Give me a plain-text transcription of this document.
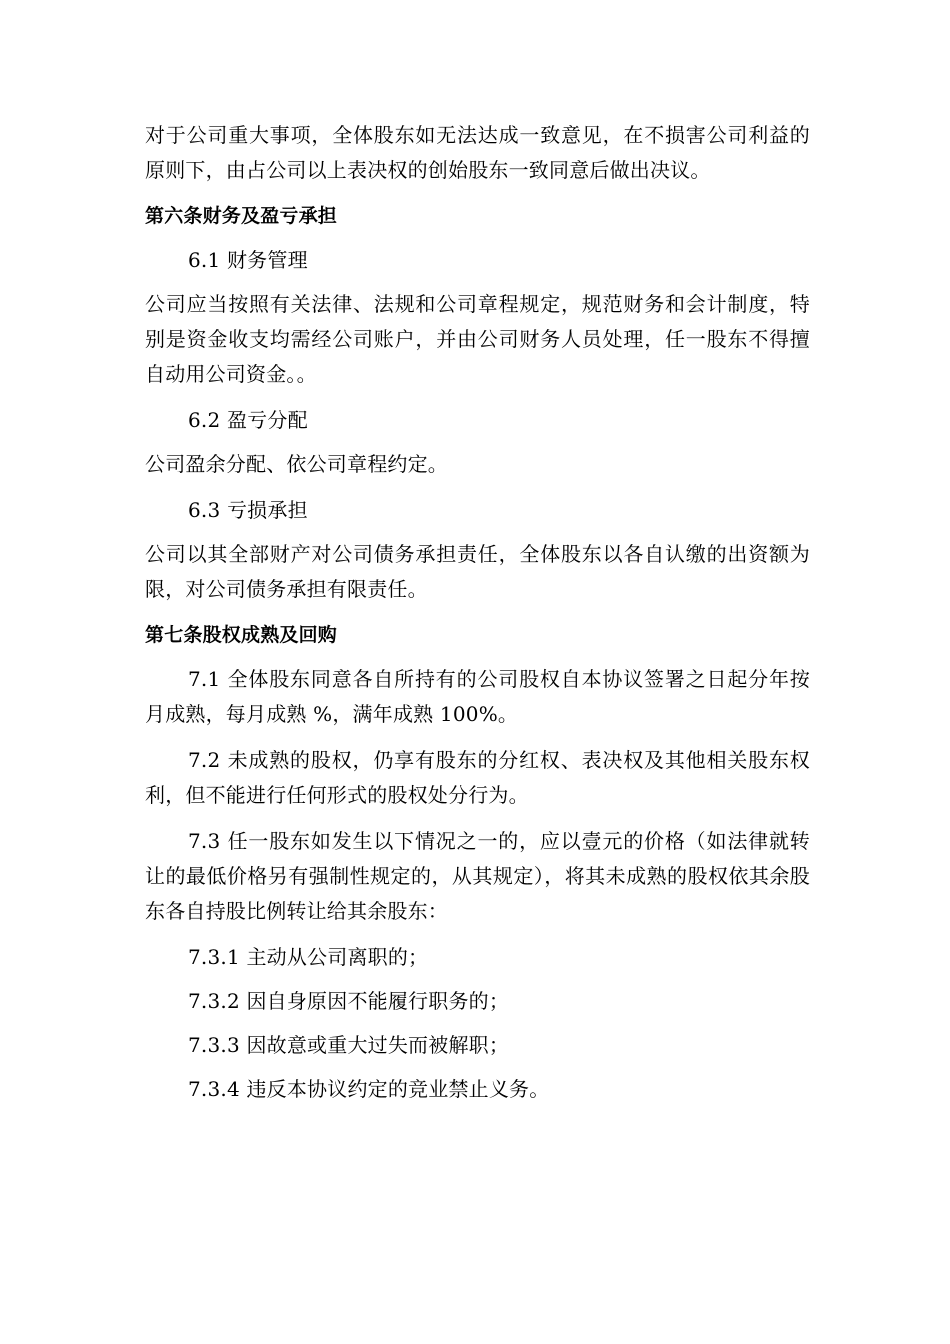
对于公司重大事项，全体股东如无法达成一致意见，在不损害公司利益的原则下，由占公司以上表决权的创始股东一致同意后做出决议。

第六条财务及盈亏承担

6.1 财务管理

公司应当按照有关法律、法规和公司章程规定，规范财务和会计制度，特别是资金收支均需经公司账户，并由公司财务人员处理，任一股东不得擅自动用公司资金。。

6.2 盈亏分配

公司盈余分配、依公司章程约定。

6.3 亏损承担

公司以其全部财产对公司债务承担责任，全体股东以各自认缴的出资额为限，对公司债务承担有限责任。

第七条股权成熟及回购

7.1 全体股东同意各自所持有的公司股权自本协议签署之日起分年按月成熟，每月成熟 %，满年成熟 100%。

7.2 未成熟的股权，仍享有股东的分红权、表决权及其他相关股东权利，但不能进行任何形式的股权处分行为。

7.3 任一股东如发生以下情况之一的，应以壹元的价格（如法律就转让的最低价格另有强制性规定的，从其规定），将其未成熟的股权依其余股东各自持股比例转让给其余股东：

7.3.1 主动从公司离职的；

7.3.2 因自身原因不能履行职务的；

7.3.3 因故意或重大过失而被解职；

7.3.4 违反本协议约定的竞业禁止义务。
